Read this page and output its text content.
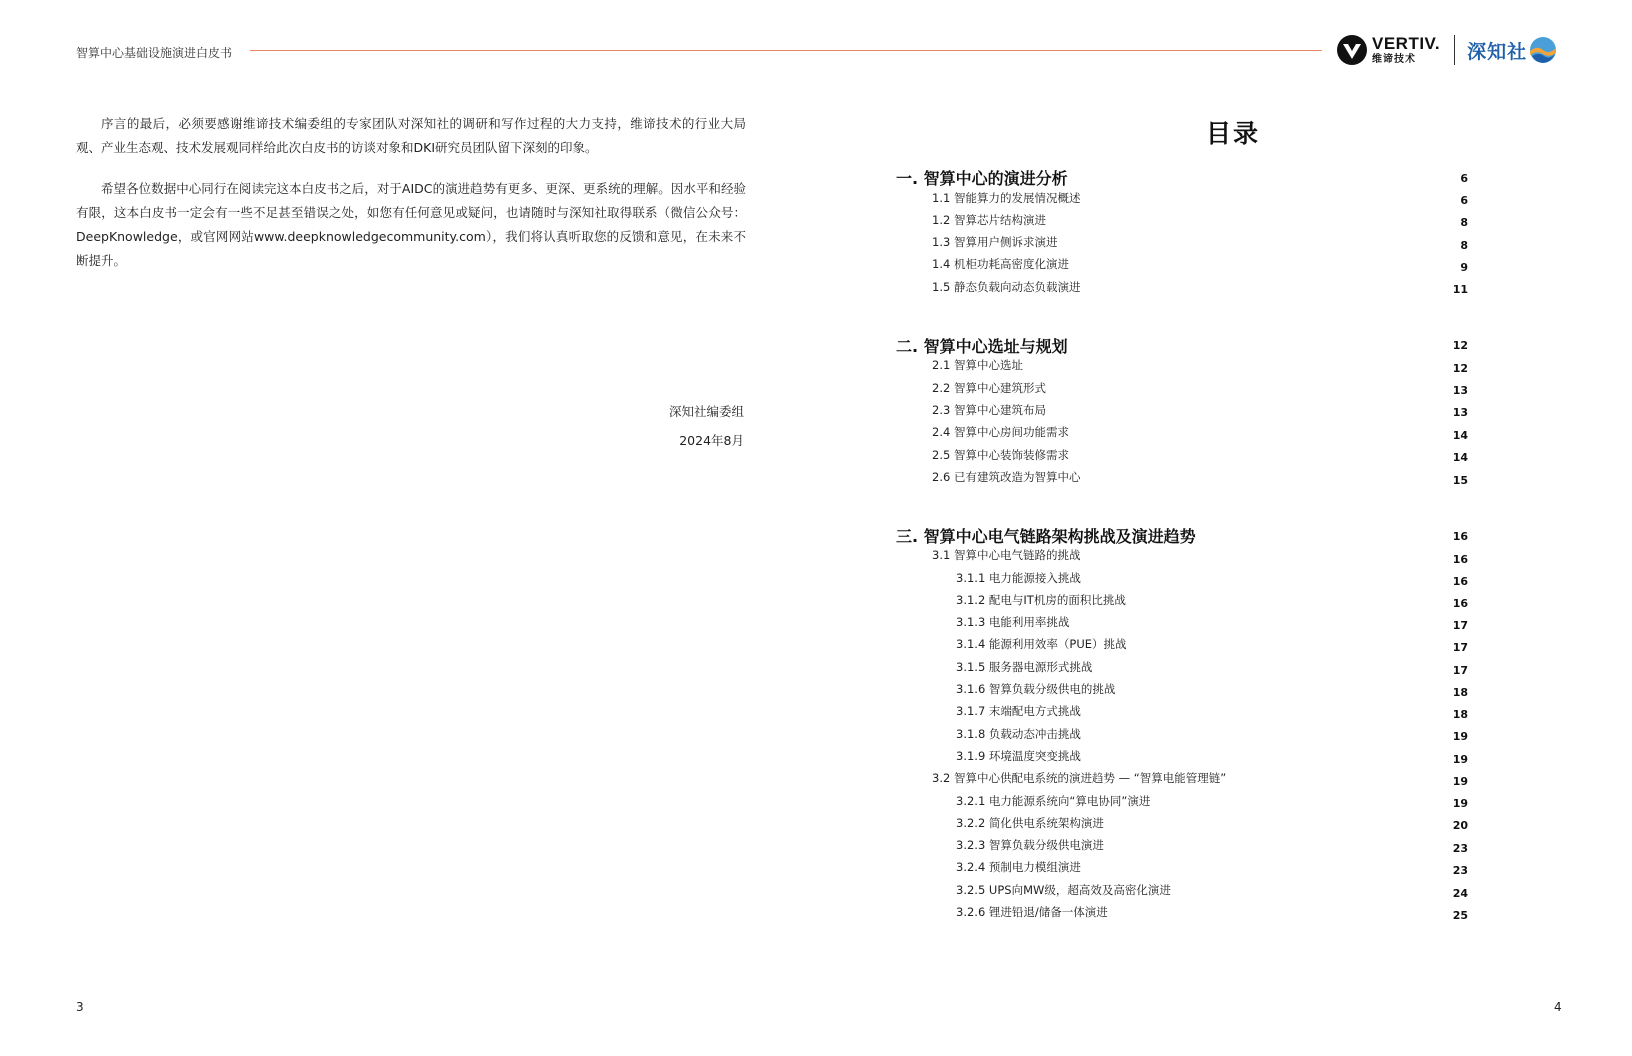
智算中心基础设施演进白皮书	VERTIV.
维谛技术	深知社

序言的最后，必须要感谢维谛技术编委组的专家团队对深知社的调研和写作过程的大力支持，维谛技术的行业大局观、产业生态观、技术发展观同样给此次白皮书的访谈对象和DKI研究员团队留下深刻的印象。

希望各位数据中心同行在阅读完这本白皮书之后，对于AIDC的演进趋势有更多、更深、更系统的理解。因水平和经验有限，这本白皮书一定会有一些不足甚至错误之处，如您有任何意见或疑问，也请随时与深知社取得联系（微信公众号：DeepKnowledge，或官网网站www.deepknowledgecommunity.com），我们将认真听取您的反馈和意见，在未来不断提升。

深知社编委组
2024年8月
目录
一. 智算中心的演进分析	6
1.1 智能算力的发展情况概述	6
1.2 智算芯片结构演进	8
1.3 智算用户侧诉求演进	8
1.4 机柜功耗高密度化演进	9
1.5 静态负载向动态负载演进	11
二. 智算中心选址与规划	12
2.1 智算中心选址	12
2.2 智算中心建筑形式	13
2.3 智算中心建筑布局	13
2.4 智算中心房间功能需求	14
2.5 智算中心装饰装修需求	14
2.6 已有建筑改造为智算中心	15
三. 智算中心电气链路架构挑战及演进趋势	16
3.1 智算中心电气链路的挑战	16
3.1.1 电力能源接入挑战	16
3.1.2 配电与IT机房的面积比挑战	16
3.1.3 电能利用率挑战	17
3.1.4 能源利用效率（PUE）挑战	17
3.1.5 服务器电源形式挑战	17
3.1.6 智算负载分级供电的挑战	18
3.1.7 末端配电方式挑战	18
3.1.8 负载动态冲击挑战	19
3.1.9 环境温度突变挑战	19
3.2 智算中心供配电系统的演进趋势 — “智算电能管理链”	19
3.2.1 电力能源系统向“算电协同”演进	19
3.2.2 简化供电系统架构演进	20
3.2.3 智算负载分级供电演进	23
3.2.4 预制电力模组演进	23
3.2.5 UPS向MW级，超高效及高密化演进	24
3.2.6 锂进铅退/储备一体演进	25
3	4
